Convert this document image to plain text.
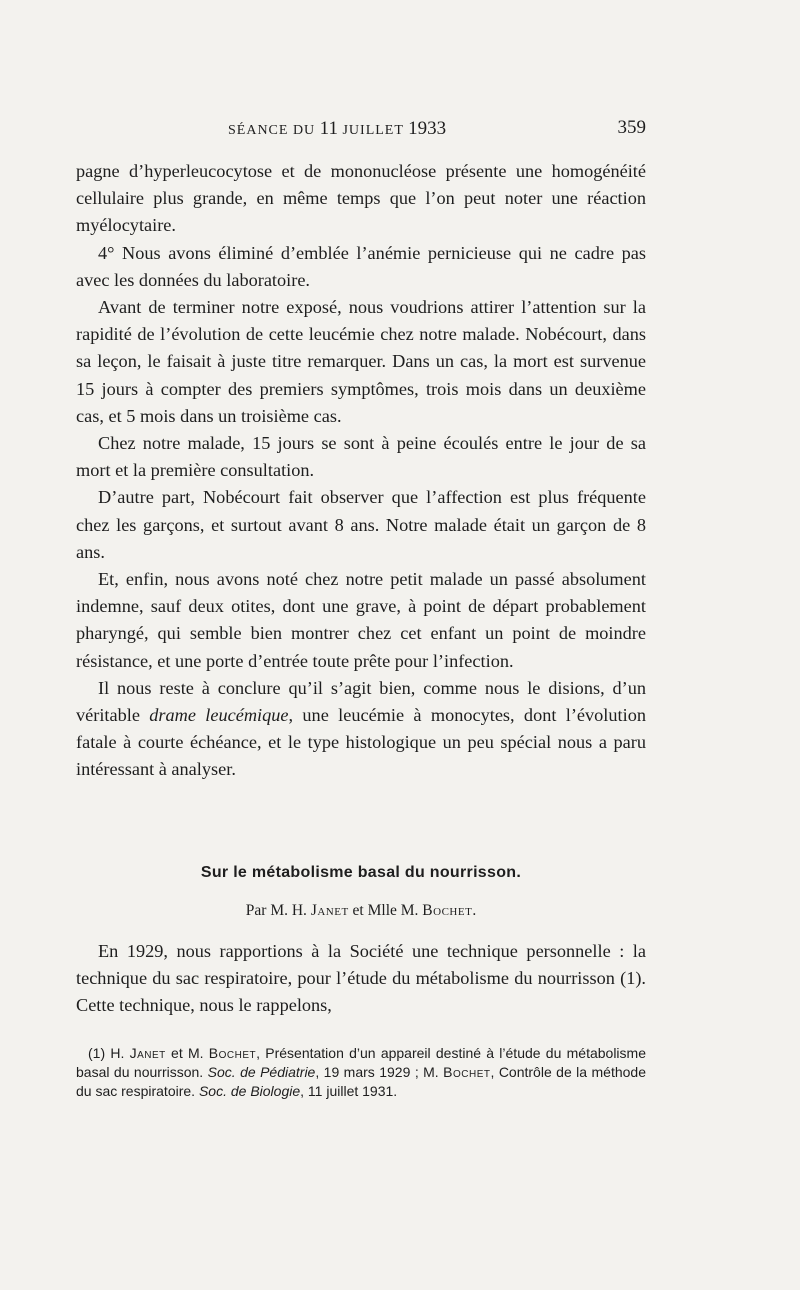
SÉANCE DU 11 JUILLET 1933	359

pagne d’hyperleucocytose et de mononucléose présente une homogénéité cellulaire plus grande, en même temps que l’on peut noter une réaction myélocytaire.

4° Nous avons éliminé d’emblée l’anémie pernicieuse qui ne cadre pas avec les données du laboratoire.

Avant de terminer notre exposé, nous voudrions attirer l’attention sur la rapidité de l’évolution de cette leucémie chez notre malade. Nobécourt, dans sa leçon, le faisait à juste titre remarquer. Dans un cas, la mort est survenue 15 jours à compter des premiers symptômes, trois mois dans un deuxième cas, et 5 mois dans un troisième cas.

Chez notre malade, 15 jours se sont à peine écoulés entre le jour de sa mort et la première consultation.

D’autre part, Nobécourt fait observer que l’affection est plus fréquente chez les garçons, et surtout avant 8 ans. Notre malade était un garçon de 8 ans.

Et, enfin, nous avons noté chez notre petit malade un passé absolument indemne, sauf deux otites, dont une grave, à point de départ probablement pharyngé, qui semble bien montrer chez cet enfant un point de moindre résistance, et une porte d’entrée toute prête pour l’infection.

Il nous reste à conclure qu’il s’agit bien, comme nous le disions, d’un véritable drame leucémique, une leucémie à monocytes, dont l’évolution fatale à courte échéance, et le type histologique un peu spécial nous a paru intéressant à analyser.

Sur le métabolisme basal du nourrisson.
Par M. H. Janet et Mlle M. Bochet.

En 1929, nous rapportions à la Société une technique personnelle : la technique du sac respiratoire, pour l’étude du métabolisme du nourrisson (1). Cette technique, nous le rappelons,

(1) H. Janet et M. Bochet, Présentation d’un appareil destiné à l’étude du métabolisme basal du nourrisson. Soc. de Pédiatrie, 19 mars 1929 ; M. Bochet, Contrôle de la méthode du sac respiratoire. Soc. de Biologie, 11 juillet 1931.
